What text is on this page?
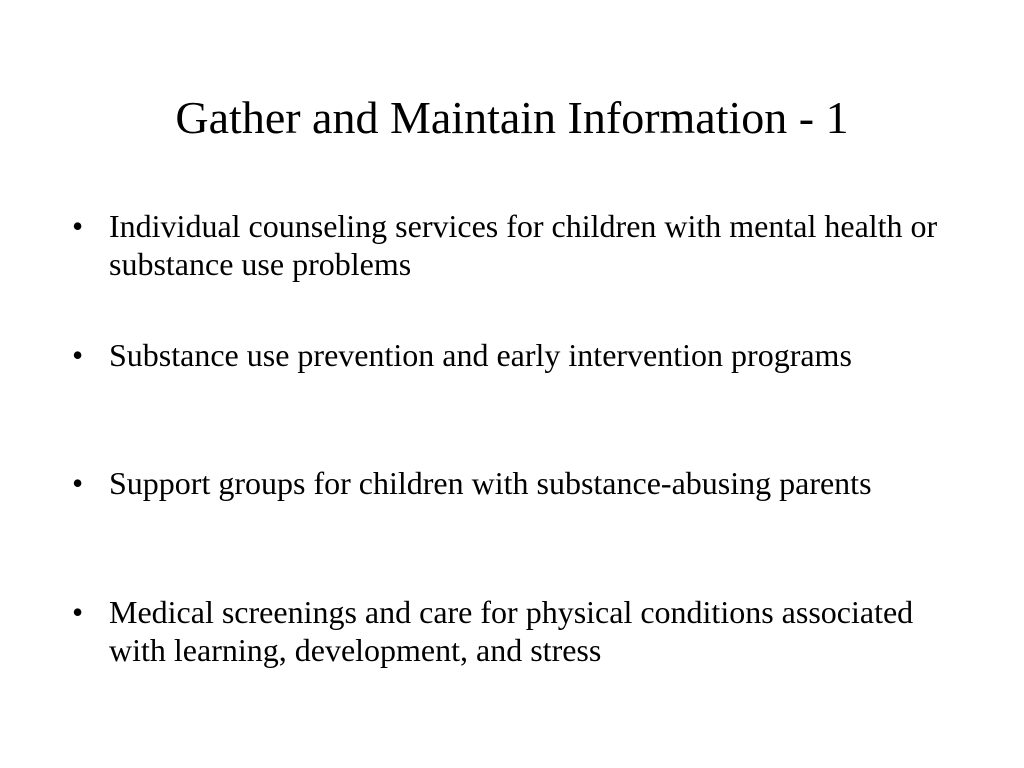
Gather and Maintain Information - 1
• Individual counseling services for children with mental health or substance use problems
• Substance use prevention and early intervention programs
• Support groups for children with substance-abusing parents
• Medical screenings and care for physical conditions associated with learning, development, and stress
